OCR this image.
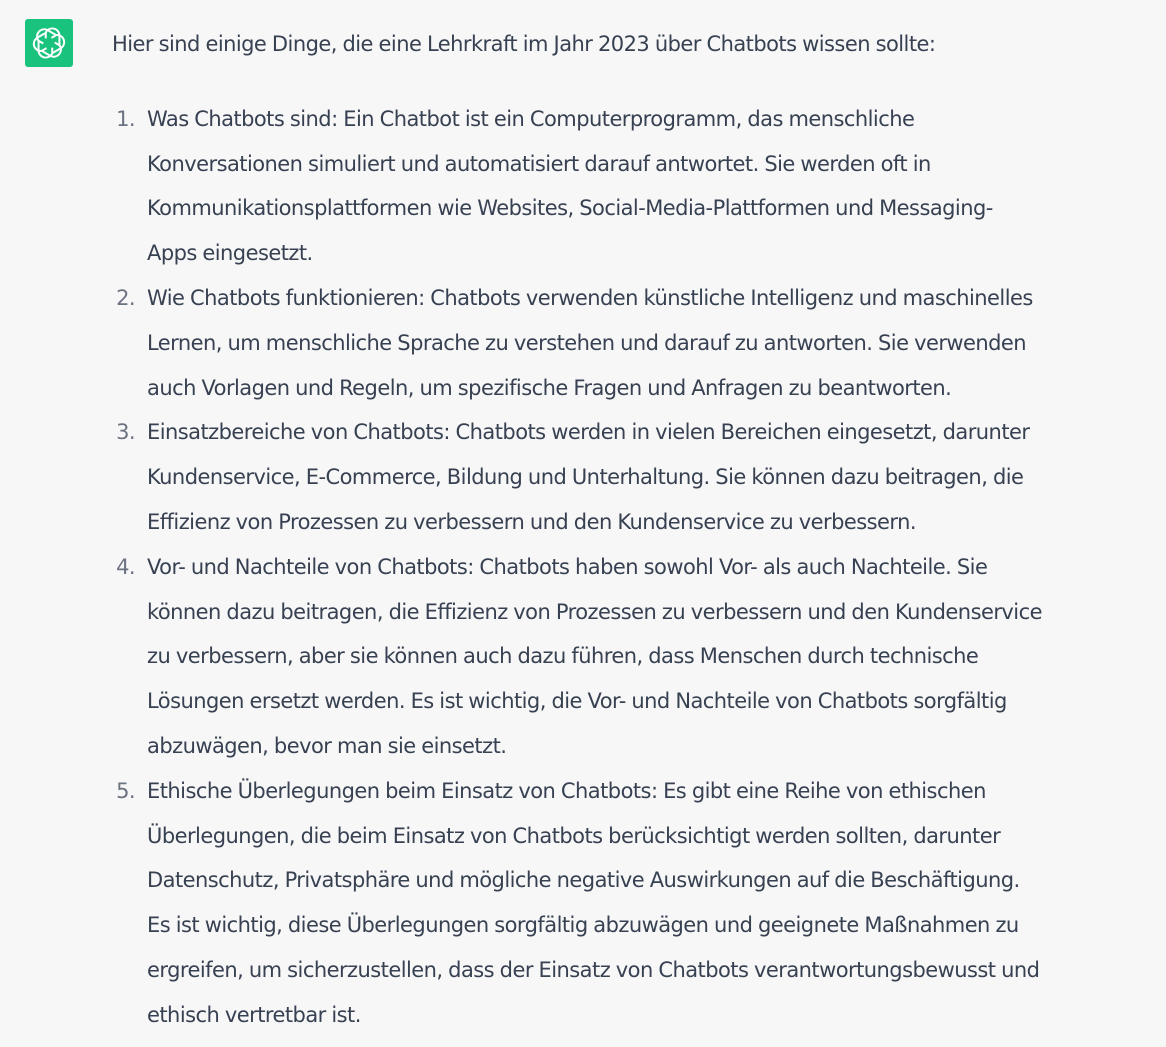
Hier sind einige Dinge, die eine Lehrkraft im Jahr 2023 über Chatbots wissen sollte:
1. Was Chatbots sind: Ein Chatbot ist ein Computerprogramm, das menschliche
Konversationen simuliert und automatisiert darauf antwortet. Sie werden oft in
Kommunikationsplattformen wie Websites, Social-Media-Plattformen und Messaging-
Apps eingesetzt.
2. Wie Chatbots funktionieren: Chatbots verwenden künstliche Intelligenz und maschinelles
Lernen, um menschliche Sprache zu verstehen und darauf zu antworten. Sie verwenden
auch Vorlagen und Regeln, um spezifische Fragen und Anfragen zu beantworten.
3. Einsatzbereiche von Chatbots: Chatbots werden in vielen Bereichen eingesetzt, darunter
Kundenservice, E-Commerce, Bildung und Unterhaltung. Sie können dazu beitragen, die
Effizienz von Prozessen zu verbessern und den Kundenservice zu verbessern.
4. Vor- und Nachteile von Chatbots: Chatbots haben sowohl Vor- als auch Nachteile. Sie
können dazu beitragen, die Effizienz von Prozessen zu verbessern und den Kundenservice
zu verbessern, aber sie können auch dazu führen, dass Menschen durch technische
Lösungen ersetzt werden. Es ist wichtig, die Vor- und Nachteile von Chatbots sorgfältig
abzuwägen, bevor man sie einsetzt.
5. Ethische Überlegungen beim Einsatz von Chatbots: Es gibt eine Reihe von ethischen
Überlegungen, die beim Einsatz von Chatbots berücksichtigt werden sollten, darunter
Datenschutz, Privatsphäre und mögliche negative Auswirkungen auf die Beschäftigung.
Es ist wichtig, diese Überlegungen sorgfältig abzuwägen und geeignete Maßnahmen zu
ergreifen, um sicherzustellen, dass der Einsatz von Chatbots verantwortungsbewusst und
ethisch vertretbar ist.
